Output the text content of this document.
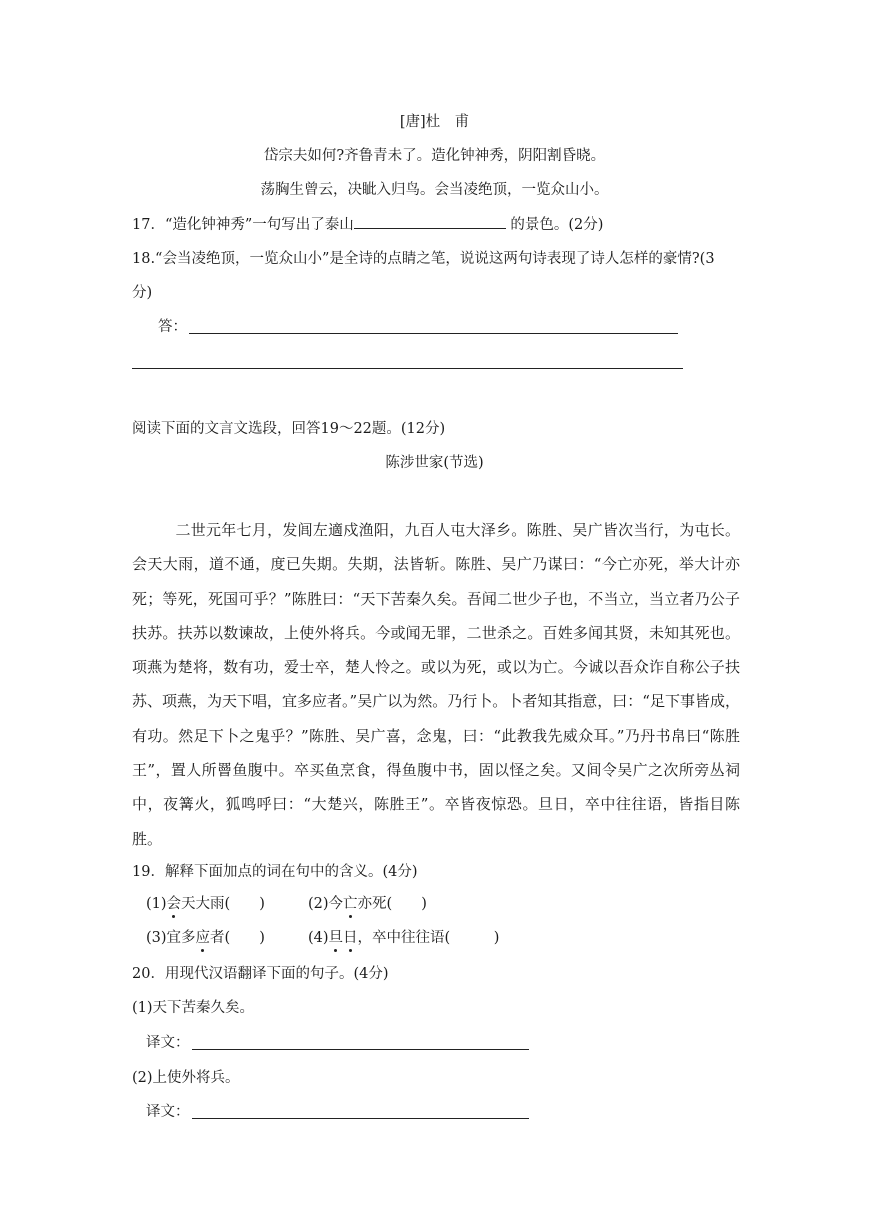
[唐]杜　甫
岱宗夫如何?齐鲁青未了。造化钟神秀，阴阳割昏晓。
荡胸生曾云，决眦入归鸟。会当凌绝顶，一览众山小。
17．“造化钟神秀”一句写出了泰山	的景色。(2分)
18.“会当凌绝顶，一览众山小”是全诗的点睛之笔，说说这两句诗表现了诗人怎样的豪情?(3
分)
答：
阅读下面的文言文选段，回答19～22题。(12分)
陈涉世家(节选)

二世元年七月，发闾左適戍渔阳，九百人屯大泽乡。陈胜、吴广皆次当行，为屯长。会天大雨，道不通，度已失期。失期，法皆斩。陈胜、吴广乃谋曰：“今亡亦死，举大计亦死；等死，死国可乎？”陈胜曰：“天下苦秦久矣。吾闻二世少子也，不当立，当立者乃公子扶苏。扶苏以数谏故，上使外将兵。今或闻无罪，二世杀之。百姓多闻其贤，未知其死也。项燕为楚将，数有功，爱士卒，楚人怜之。或以为死，或以为亡。今诚以吾众诈自称公子扶苏、项燕，为天下唱，宜多应者。”吴广以为然。乃行卜。卜者知其指意，曰：“足下事皆成，有功。然足下卜之鬼乎？”陈胜、吴广喜，念鬼，曰：“此教我先威众耳。”乃丹书帛曰“陈胜王”，置人所罾鱼腹中。卒买鱼烹食，得鱼腹中书，固以怪之矣。又间令吴广之次所旁丛祠中，夜篝火，狐鸣呼曰：“大楚兴，陈胜王”。卒皆夜惊恐。旦日，卒中往往语，皆指目陈胜。

19．解释下面加点的词在句中的含义。(4分)
(1)会天大雨(　　)	(2)今亡亦死(　　)
(3)宜多应者(　　)	(4)旦日，卒中往往语(　　　)
20．用现代汉语翻译下面的句子。(4分)
(1)天下苦秦久矣。
译文：
(2)上使外将兵。
译文：
